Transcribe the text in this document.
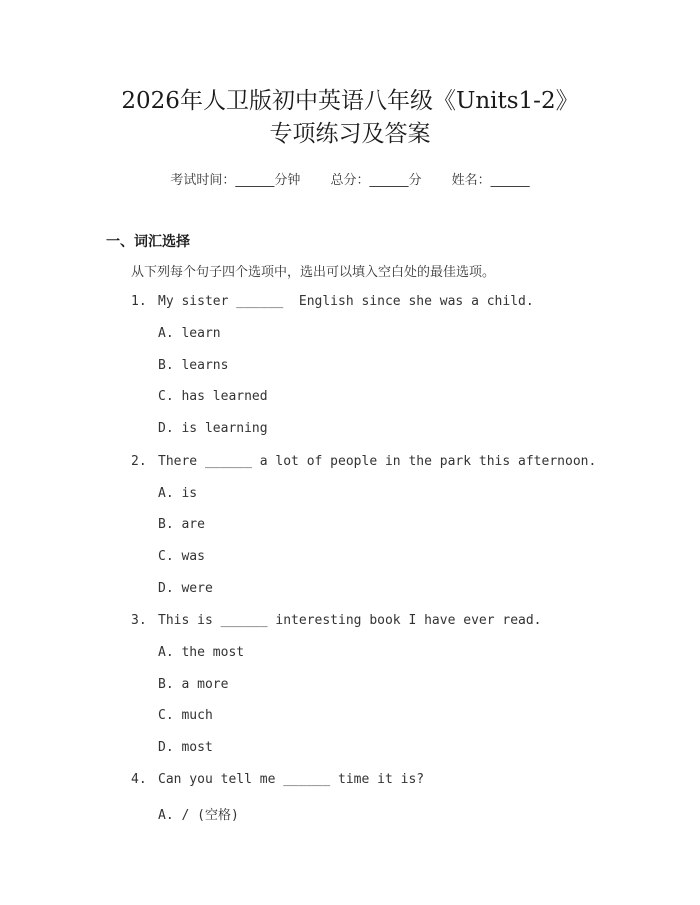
2026年人卫版初中英语八年级《Units1-2》
专项练习及答案
考试时间：______分钟 总分：______分 姓名：______
一、词汇选择
从下列每个句子四个选项中，选出可以填入空白处的最佳选项。
1. My sister ______  English since she was a child.
A. learn
B. learns
C. has learned
D. is learning
2. There ______ a lot of people in the park this afternoon.
A. is
B. are
C. was
D. were
3. This is ______ interesting book I have ever read.
A. the most
B. a more
C. much
D. most
4. Can you tell me ______ time it is?
A. / (空格)
